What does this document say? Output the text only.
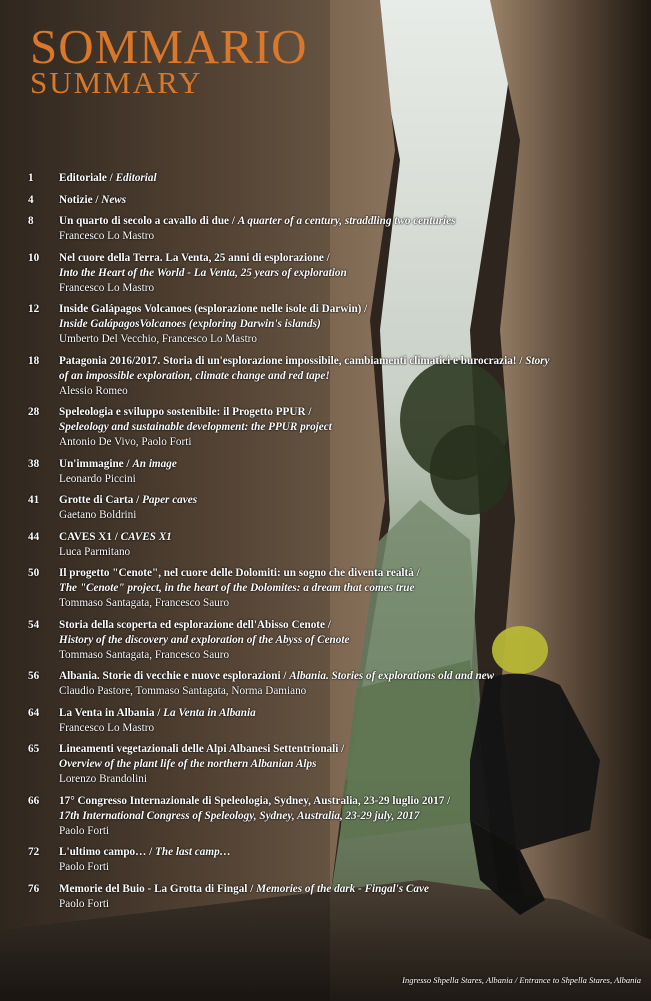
SOMMARIO
SUMMARY
1 Editoriale / Editorial
4 Notizie / News
8 Un quarto di secolo a cavallo di due / A quarter of a century, straddling two centuries
Francesco Lo Mastro
10 Nel cuore della Terra. La Venta, 25 anni di esplorazione /
Into the Heart of the World - La Venta, 25 years of exploration
Francesco Lo Mastro
12 Inside Galápagos Volcanoes (esplorazione nelle isole di Darwin) /
Inside GalápagosVolcanoes (exploring Darwin's islands)
Umberto Del Vecchio, Francesco Lo Mastro
18 Patagonia 2016/2017. Storia di un'esplorazione impossibile, cambiamenti climatici e burocrazia! / Story
of an impossible exploration, climate change and red tape!
Alessio Romeo
28 Speleologia e sviluppo sostenibile: il Progetto PPUR /
Speleology and sustainable development: the PPUR project
Antonio De Vivo, Paolo Forti
38 Un'immagine / An image
Leonardo Piccini
41 Grotte di Carta / Paper caves
Gaetano Boldrini
44 CAVES X1 / CAVES X1
Luca Parmitano
50 Il progetto "Cenote", nel cuore delle Dolomiti: un sogno che diventa realtà /
The "Cenote" project, in the heart of the Dolomites: a dream that comes true
Tommaso Santagata, Francesco Sauro
54 Storia della scoperta ed esplorazione dell'Abisso Cenote /
History of the discovery and exploration of the Abyss of Cenote
Tommaso Santagata, Francesco Sauro
56 Albania. Storie di vecchie e nuove esplorazioni / Albania. Stories of explorations old and new
Claudio Pastore, Tommaso Santagata, Norma Damiano
64 La Venta in Albania / La Venta in Albania
Francesco Lo Mastro
65 Lineamenti vegetazionali delle Alpi Albanesi Settentrionali /
Overview of the plant life of the northern Albanian Alps
Lorenzo Brandolini
66 17° Congresso Internazionale di Speleologia, Sydney, Australia, 23-29 luglio 2017 /
17th International Congress of Speleology, Sydney, Australia, 23-29 july, 2017
Paolo Forti
72 L'ultimo campo… / The last camp…
Paolo Forti
76 Memorie del Buio - La Grotta di Fingal / Memories of the dark - Fingal's Cave
Paolo Forti
Ingresso Shpella Stares, Albania / Entrance to Shpella Stares, Albania
